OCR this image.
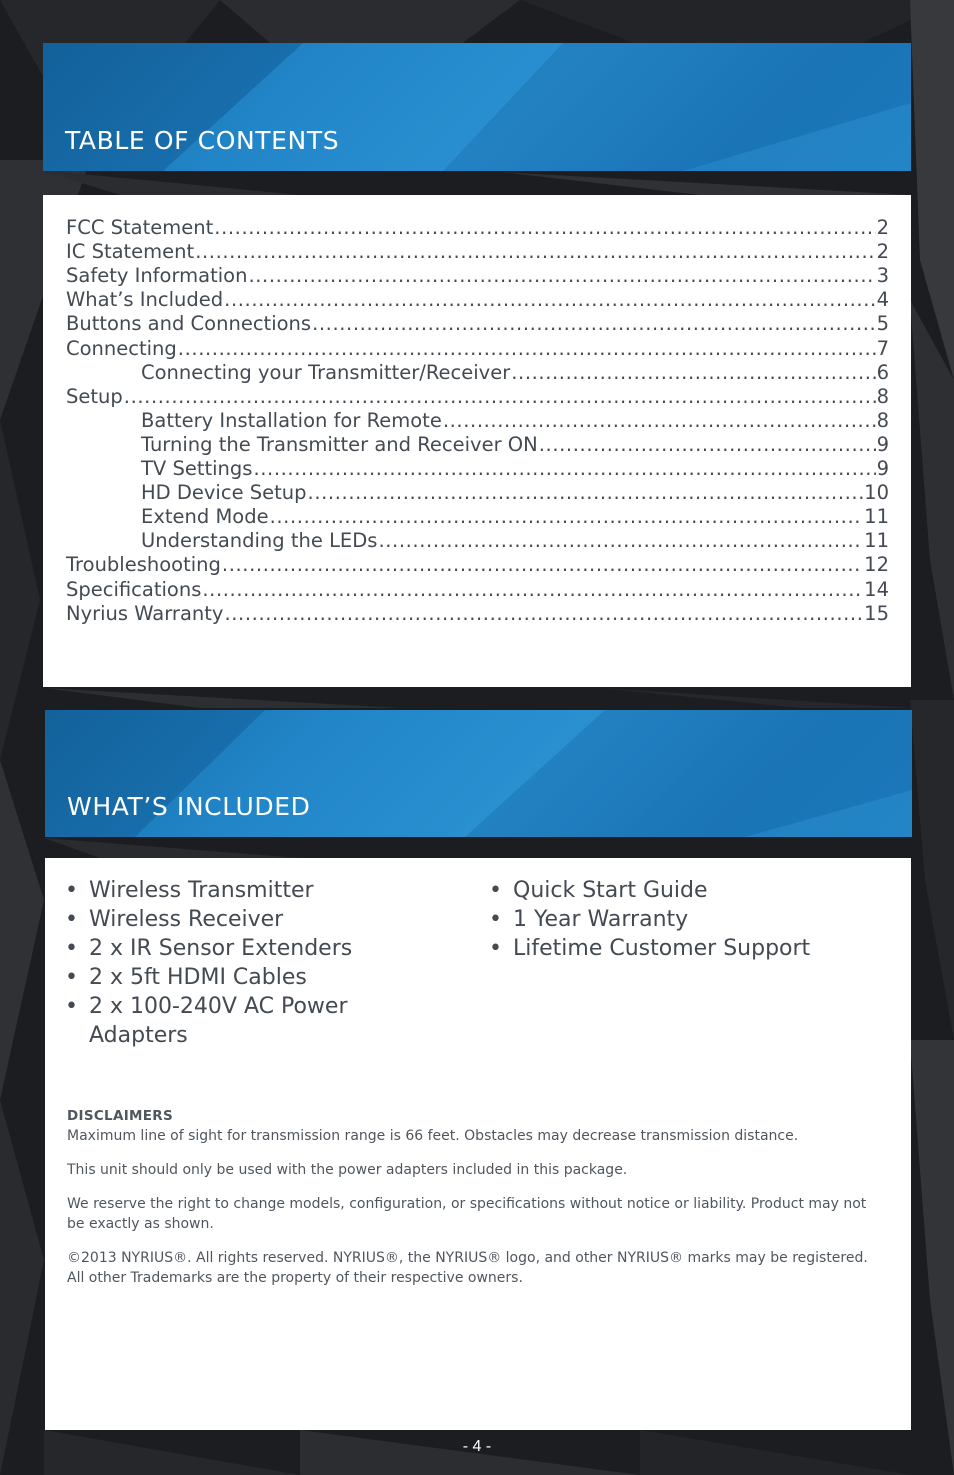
TABLE OF CONTENTS
FCC Statement .....	2
IC Statement .....	2
Safety Information .....	3
What’s Included .....	4
Buttons and Connections .....	5
Connecting .....	7
Connecting your Transmitter/Receiver .....	6
Setup .....	8
Battery Installation for Remote .....	8
Turning the Transmitter and Receiver ON .....	9
TV Settings .....	9
HD Device Setup .....	10
Extend Mode .....	11
Understanding the LEDs .....	11
Troubleshooting .....	12
Specifications .....	14
Nyrius Warranty .....	15
WHAT’S INCLUDED
• Wireless Transmitter
• Wireless Receiver
• 2 x IR Sensor Extenders
• 2 x 5ft HDMI Cables
• 2 x 100-240V AC Power Adapters
• Quick Start Guide
• 1 Year Warranty
• Lifetime Customer Support

DISCLAIMERS

Maximum line of sight for transmission range is 66 feet. Obstacles may decrease transmission distance.

This unit should only be used with the power adapters included in this package.

We reserve the right to change models, configuration, or specifications without notice or liability. Product may not be exactly as shown.

©2013 NYRIUS®. All rights reserved. NYRIUS®, the NYRIUS® logo, and other NYRIUS® marks may be registered. All other Trademarks are the property of their respective owners.

- 4 -
